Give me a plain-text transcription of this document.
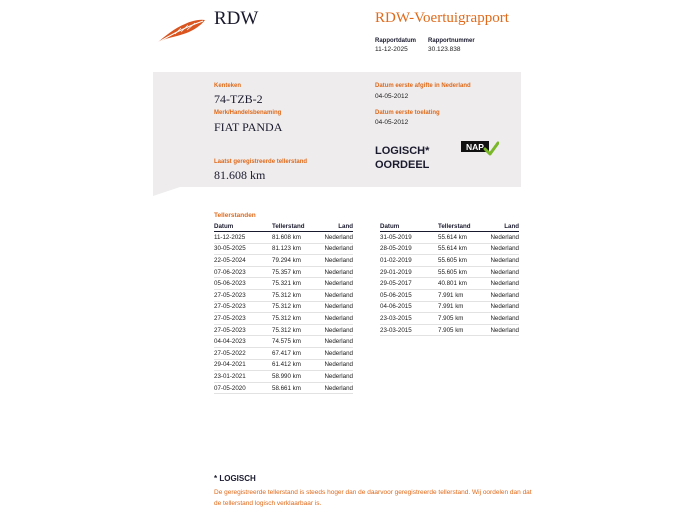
RDW	RDW-Voertuigrapport
Rapportdatum
11-12-2025
Rapportnummer
30.123.838
Kenteken
74-TZB-2
Merk/Handelsbenaming
FIAT PANDA
Laatst geregistreerde tellerstand
81.608 km
Datum eerste afgifte in Nederland
04-05-2012
Datum eerste toelating
04-05-2012
LOGISCH*
OORDEEL
NAP
Tellerstanden
Datum	Tellerstand	Land
11-12-2025	81.608 km	Nederland
30-05-2025	81.123 km	Nederland
22-05-2024	79.294 km	Nederland
07-06-2023	75.357 km	Nederland
05-06-2023	75.321 km	Nederland
27-05-2023	75.312 km	Nederland
27-05-2023	75.312 km	Nederland
27-05-2023	75.312 km	Nederland
27-05-2023	75.312 km	Nederland
04-04-2023	74.575 km	Nederland
27-05-2022	67.417 km	Nederland
29-04-2021	61.412 km	Nederland
23-01-2021	58.990 km	Nederland
07-05-2020	58.661 km	Nederland
Datum	Tellerstand	Land
31-05-2019	55.614 km	Nederland
28-05-2019	55.614 km	Nederland
01-02-2019	55.605 km	Nederland
29-01-2019	55.605 km	Nederland
29-05-2017	40.801 km	Nederland
05-06-2015	7.991 km	Nederland
04-06-2015	7.991 km	Nederland
23-03-2015	7.905 km	Nederland
23-03-2015	7.905 km	Nederland
* LOGISCH
De geregistreerde tellerstand is steeds hoger dan de daarvoor geregistreerde tellerstand. Wij oordelen dan dat de tellerstand logisch verklaarbaar is.
